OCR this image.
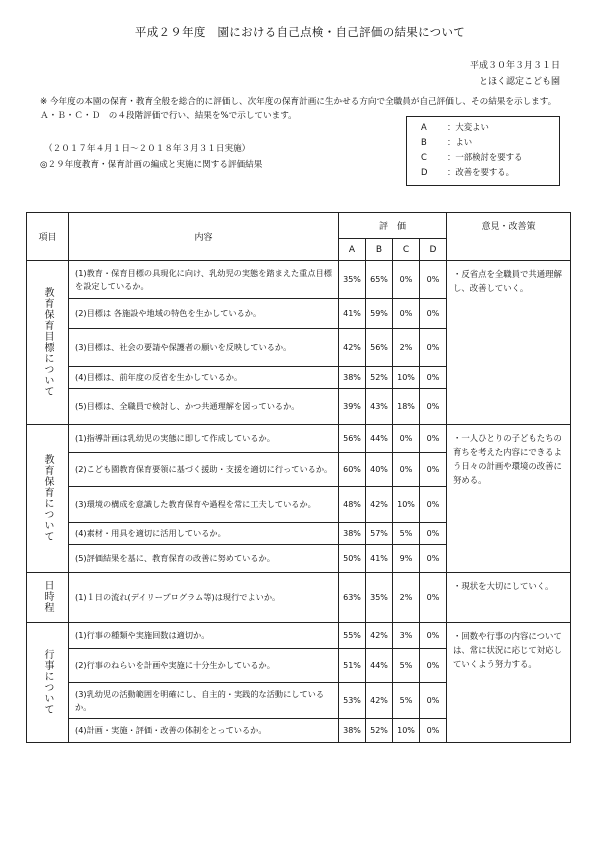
平成２９年度　園における自己点検・自己評価の結果について
平成３０年３月３１日
とほく認定こども園
※ 今年度の本園の保育・教育全般を総合的に評価し、次年度の保育計画に生かせる方向で全職員が自己評価し、その結果を示します。Ａ・Ｂ・Ｃ・Ｄ　の４段階評価で行い、結果を%で示しています。
（２０１７年４月１日～２０１８年３月３１日実施）
◎２９年度教育・保育計画の編成と実施に関する評価結果
A ：大変よい
B ：よい
C ：一部検討を要する
D ：改善を要する。
項目	内容	評　価				意見・改善策
		A	B	C	D	
教育保育目標について	(1)教育・保育目標の具現化に向け、乳幼児の実態を踏まえた重点目標を設定しているか。	35%	65%	0%	0%	・反省点を全職員で共通理解し、改善していく。
	(2)目標は 各施設や地域の特色を生かしているか。	41%	59%	0%	0%	
	(3)目標は、社会の要請や保護者の願いを反映しているか。	42%	56%	2%	0%	
	(4)目標は、前年度の反省を生かしているか。	38%	52%	10%	0%	
	(5)目標は、全職員で検討し、かつ共通理解を図っているか。	39%	43%	18%	0%	
教育保育について	(1)指導計画は乳幼児の実態に即して作成しているか。	56%	44%	0%	0%	・一人ひとりの子どもたちの育ちを考えた内容にできるよう日々の計画や環境の改善に努める。
	(2)こども園教育保育要領に基づく援助・支援を適切に行っているか。	60%	40%	0%	0%	
	(3)環境の構成を意識した教育保育や過程を常に工夫しているか。	48%	42%	10%	0%	
	(4)素材・用具を適切に活用しているか。	38%	57%	5%	0%	
	(5)評価結果を基に、教育保育の改善に努めているか。	50%	41%	9%	0%	
日時程	(1)１日の流れ(デイリープログラム等)は現行でよいか。	63%	35%	2%	0%	・現状を大切にしていく。
行事について	(1)行事の種類や実施回数は適切か。	55%	42%	3%	0%	・回数や行事の内容については、常に状況に応じて対応していくよう努力する。
	(2)行事のねらいを計画や実施に十分生かしているか。	51%	44%	5%	0%	
	(3)乳幼児の活動範囲を明確にし、自主的・実践的な活動にしているか。	53%	42%	5%	0%	
	(4)計画・実施・評価・改善の体制をとっているか。	38%	52%	10%	0%	
